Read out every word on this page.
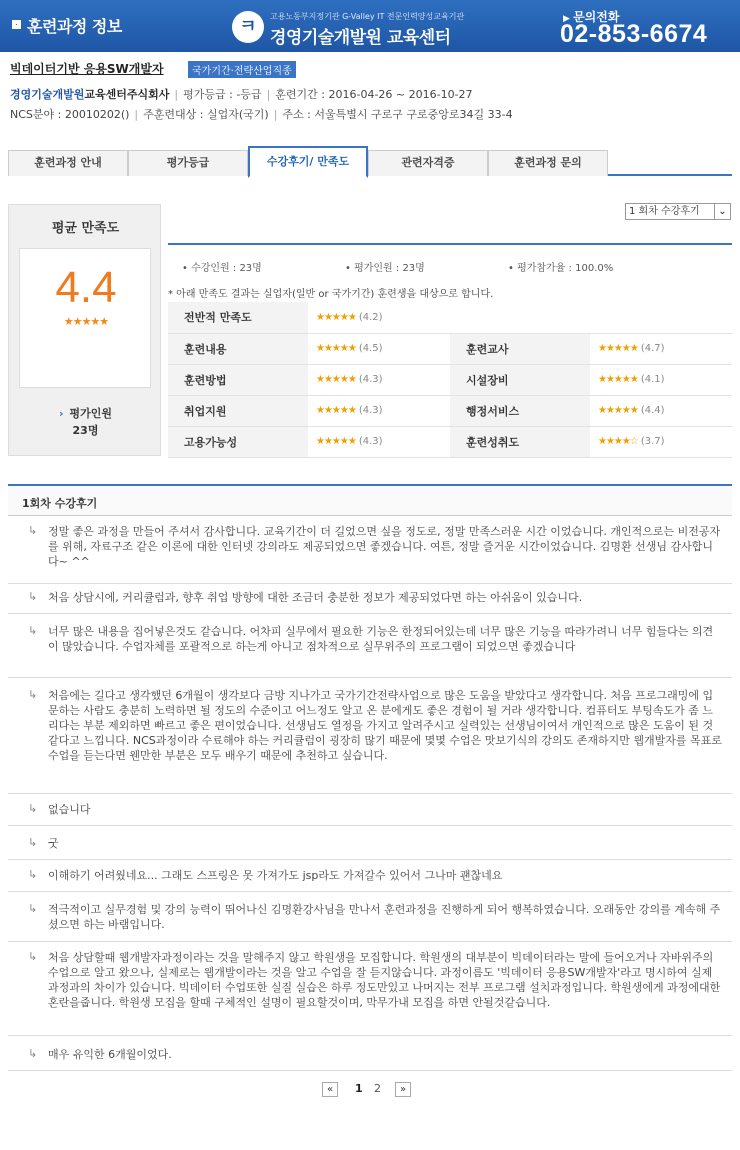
훈련과정 정보	ㅋ	고용노동부지정기관 G-Valley IT 전문인력양성교육기관
경영기술개발원 교육센터
▶ 문의전화
02-853-6674
빅데이터기반 응용SW개발자	국가기간·전략산업직종
경영기술개발원교육센터주식회사 | 평가등급 : -등급 | 훈련기간 : 2016-04-26 ~ 2016-10-27
NCS분야 : 20010202() | 주훈련대상 : 실업자(국기) | 주소 : 서울특별시 구로구 구로중앙로34길 33-4
훈련과정 안내	평가등급	수강후기/ 만족도	관련자격증	훈련과정 문의
평균 만족도
4.4
★★★★★
› 평가인원
23명
1 회차 수강후기	⌄
• 수강인원 : 23명	• 평가인원 : 23명	• 평가참가율 : 100.0%
* 아래 만족도 결과는 실업자(일반 or 국가기간) 훈련생을 대상으로 합니다.
전반적 만족도	★★★★★ (4.2)		
훈련내용	★★★★★ (4.5)	훈련교사	★★★★★ (4.7)
훈련방법	★★★★★ (4.3)	시설장비	★★★★★ (4.1)
취업지원	★★★★★ (4.3)	행정서비스	★★★★★ (4.4)
고용가능성	★★★★★ (4.3)	훈련성취도	★★★★☆ (3.7)
1회차 수강후기
↳ 정말 좋은 과정을 만들어 주셔서 감사합니다. 교육기간이 더 길었으면 싶을 정도로, 정말 만족스러운 시간 이었습니다. 개인적으로는 비전공자를 위해, 자료구조 같은 이론에 대한 인터넷 강의라도 제공되었으면 좋겠습니다. 여튼, 정말 즐거운 시간이었습니다. 김명환 선생님 감사합니다~ ^^
↳ 처음 상담시에, 커리큘럼과, 향후 취업 방향에 대한 조금더 충분한 정보가 제공되었다면 하는 아쉬움이 있습니다.
↳ 너무 많은 내용을 집어넣은것도 같습니다. 어차피 실무에서 필요한 기능은 한정되어있는데 너무 많은 기능을 따라가려니 너무 힘들다는 의견이 많았습니다. 수업자체를 포괄적으로 하는게 아니고 점차적으로 실무위주의 프로그램이 되었으면 좋겠습니다
↳ 처음에는 길다고 생각했던 6개월이 생각보다 금방 지나가고 국가기간전략사업으로 많은 도움을 받았다고 생각합니다. 처음 프로그래밍에 입문하는 사람도 충분히 노력하면 될 정도의 수준이고 어느정도 알고 온 분에게도 좋은 경험이 될 거라 생각합니다. 컴퓨터도 부팅속도가 좀 느리다는 부분 제외하면 빠르고 좋은 편이었습니다. 선생님도 열정을 가지고 알려주시고 실력있는 선생님이여서 개인적으로 많은 도움이 된 것 같다고 느낍니다. NCS과정이라 수료해야 하는 커리큘럼이 굉장히 많기 때문에 몇몇 수업은 맛보기식의 강의도 존재하지만 웹개발자를 목표로 수업을 듣는다면 웬만한 부분은 모두 배우기 때문에 추천하고 싶습니다.
↳ 없습니다
↳ 굿
↳ 이해하기 어려웠네요... 그래도 스프링은 못 가져가도 jsp라도 가져갈수 있어서 그나마 괜찮네요
↳ 적극적이고 실무경험 및 강의 능력이 뛰어나신 김명환강사님을 만나서 훈련과정을 진행하게 되어 행복하였습니다. 오래동안 강의를 계속해 주셨으면 하는 바램입니다.
↳ 처음 상담할때 웹개발자과정이라는 것을 말해주지 않고 학원생을 모집합니다. 학원생의 대부분이 빅데이터라는 말에 들어오거나 자바위주의 수업으로 알고 왔으나, 실제로는 웹개발이라는 것을 알고 수업을 잘 듣지않습니다. 과정이름도 '빅데이터 응용SW개발자'라고 명시하여 실제 과정과의 차이가 있습니다. 빅데이터 수업또한 실질 실습은 하루 정도만있고 나머지는 전부 프로그램 설치과정입니다. 학원생에게 과정에대한 혼란을줍니다. 학원생 모집을 할때 구체적인 설명이 필요할것이며, 막무가내 모집을 하면 안될것같습니다.
↳ 매우 유익한 6개월이었다.
«	1 2	»
